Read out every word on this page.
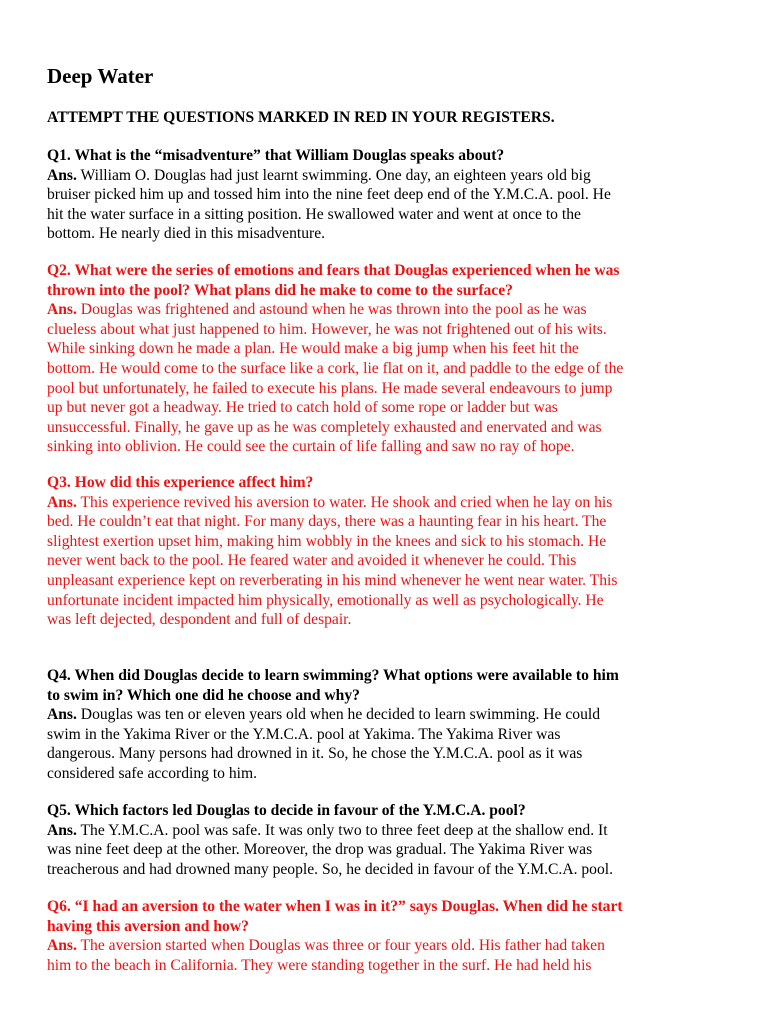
Deep Water

ATTEMPT THE QUESTIONS MARKED IN RED IN YOUR REGISTERS.

Q1. What is the “misadventure” that William Douglas speaks about?
Ans. William O. Douglas had just learnt swimming. One day, an eighteen years old big
bruiser picked him up and tossed him into the nine feet deep end of the Y.M.C.A. pool. He
hit the water surface in a sitting position. He swallowed water and went at once to the
bottom. He nearly died in this misadventure.
Q2. What were the series of emotions and fears that Douglas experienced when he was
thrown into the pool? What plans did he make to come to the surface?
Ans. Douglas was frightened and astound when he was thrown into the pool as he was
clueless about what just happened to him. However, he was not frightened out of his wits.
While sinking down he made a plan. He would make a big jump when his feet hit the
bottom. He would come to the surface like a cork, lie flat on it, and paddle to the edge of the
pool but unfortunately, he failed to execute his plans. He made several endeavours to jump
up but never got a headway. He tried to catch hold of some rope or ladder but was
unsuccessful. Finally, he gave up as he was completely exhausted and enervated and was
sinking into oblivion. He could see the curtain of life falling and saw no ray of hope.
Q3. How did this experience affect him?
Ans. This experience revived his aversion to water. He shook and cried when he lay on his
bed. He couldn’t eat that night. For many days, there was a haunting fear in his heart. The
slightest exertion upset him, making him wobbly in the knees and sick to his stomach. He
never went back to the pool. He feared water and avoided it whenever he could. This
unpleasant experience kept on reverberating in his mind whenever he went near water. This
unfortunate incident impacted him physically, emotionally as well as psychologically. He
was left dejected, despondent and full of despair.
Q4. When did Douglas decide to learn swimming? What options were available to him
to swim in? Which one did he choose and why?
Ans. Douglas was ten or eleven years old when he decided to learn swimming. He could
swim in the Yakima River or the Y.M.C.A. pool at Yakima. The Yakima River was
dangerous. Many persons had drowned in it. So, he chose the Y.M.C.A. pool as it was
considered safe according to him.
Q5. Which factors led Douglas to decide in favour of the Y.M.C.A. pool?
Ans. The Y.M.C.A. pool was safe. It was only two to three feet deep at the shallow end. It
was nine feet deep at the other. Moreover, the drop was gradual. The Yakima River was
treacherous and had drowned many people. So, he decided in favour of the Y.M.C.A. pool.
Q6. “I had an aversion to the water when I was in it?” says Douglas. When did he start
having this aversion and how?
Ans. The aversion started when Douglas was three or four years old. His father had taken
him to the beach in California. They were standing together in the surf. He had held his
